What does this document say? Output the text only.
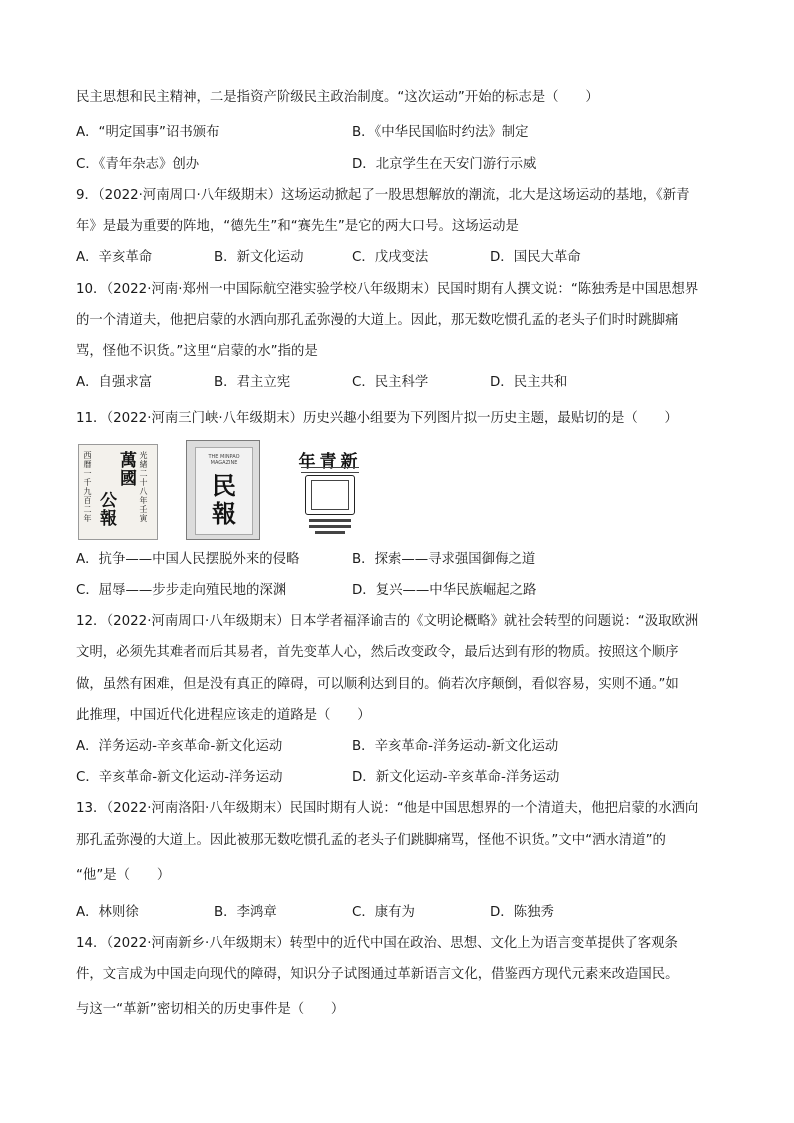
民主思想和民主精神，二是指资产阶级民主政治制度。“这次运动”开始的标志是（　　）
A．“明定国事”诏书颁布	B．《中华民国临时约法》制定
C．《青年杂志》创办	D．北京学生在天安门游行示威
9．（2022·河南周口·八年级期末）这场运动掀起了一股思想解放的潮流，北大是这场运动的基地，《新青
年》是最为重要的阵地，“德先生”和“赛先生”是它的两大口号。这场运动是
A．辛亥革命	B．新文化运动	C．戊戌变法	D．国民大革命
10．（2022·河南·郑州一中国际航空港实验学校八年级期末）民国时期有人撰文说：“陈独秀是中国思想界
的一个清道夫，他把启蒙的水洒向那孔孟弥漫的大道上。因此，那无数吃惯孔孟的老头子们时时跳脚痛
骂，怪他不识货。”这里“启蒙的水”指的是
A．自强求富	B．君主立宪	C．民主科学	D．民主共和
11．（2022·河南三门峡·八年级期末）历史兴趣小组要为下列图片拟一历史主题，最贴切的是（　　）
光緒二十八年壬寅
萬國
公報
西曆一千九百二年	THE MINPAO MAGAZINE
民
報
年青新
A．抗争——中国人民摆脱外来的侵略	B．探索——寻求强国御侮之道
C．屈辱——步步走向殖民地的深渊	D．复兴——中华民族崛起之路
12．（2022·河南周口·八年级期末）日本学者福泽谕吉的《文明论概略》就社会转型的问题说：“汲取欧洲
文明，必须先其难者而后其易者，首先变革人心，然后改变政令，最后达到有形的物质。按照这个顺序
做，虽然有困难，但是没有真正的障碍，可以顺利达到目的。倘若次序颠倒，看似容易，实则不通。”如
此推理，中国近代化进程应该走的道路是（　　）
A．洋务运动-辛亥革命-新文化运动	B．辛亥革命-洋务运动-新文化运动
C．辛亥革命-新文化运动-洋务运动	D．新文化运动-辛亥革命-洋务运动
13．（2022·河南洛阳·八年级期末）民国时期有人说：“他是中国思想界的一个清道夫，他把启蒙的水洒向
那孔孟弥漫的大道上。因此被那无数吃惯孔孟的老头子们跳脚痛骂，怪他不识货。”文中“洒水清道”的
“他”是（　　）
A．林则徐	B．李鸿章	C．康有为	D．陈独秀
14．（2022·河南新乡·八年级期末）转型中的近代中国在政治、思想、文化上为语言变革提供了客观条
件，文言成为中国走向现代的障碍，知识分子试图通过革新语言文化，借鉴西方现代元素来改造国民。
与这一“革新”密切相关的历史事件是（　　）
